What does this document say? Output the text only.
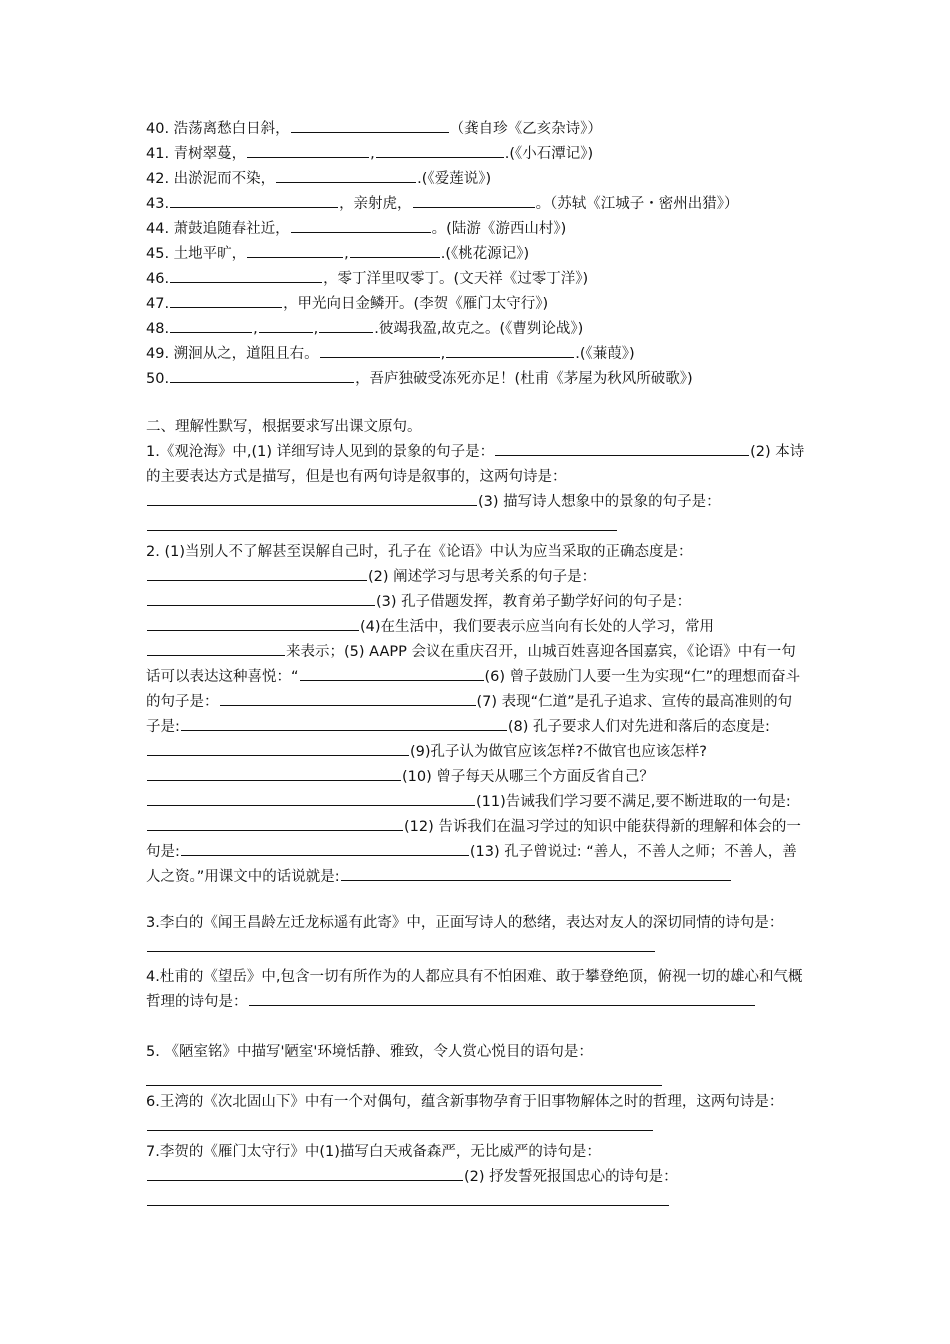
40. 浩荡离愁白日斜，	（龚自珍《乙亥杂诗》）
41. 青树翠蔓，	,	.(《小石潭记》)
42. 出淤泥而不染，	.(《爱莲说》)
43.	，亲射虎，	。（苏轼《江城子・密州出猎》）
44. 萧鼓追随春社近，	。(陆游《游西山村》)
45. 土地平旷，	,	.(《桃花源记》)
46.	，零丁洋里叹零丁。(文天祥《过零丁洋》)
47.	，甲光向日金鳞开。(李贺《雁门太守行》)
48.	,	,	.彼竭我盈,故克之。(《曹刿论战》)
49. 溯洄从之，道阻且右。	,	.(《蒹葭》)
50.	，吾庐独破受冻死亦足！(杜甫《茅屋为秋风所破歌》)
二、理解性默写，根据要求写出课文原句。
1.《观沧海》中,(1) 详细写诗人见到的景象的句子是：	(2) 本诗的主要表达方式是描写，但是也有两句诗是叙事的，这两句诗是：(3) 描写诗人想象中的景象的句子是：
2. (1)当别人不了解甚至误解自己时，孔子在《论语》中认为应当采取的正确态度是：(2) 阐述学习与思考关系的句子是：(3) 孔子借题发挥，教育弟子勤学好问的句子是：(4)在生活中，我们要表示应当向有长处的人学习，常用来表示；(5) AAPP 会议在重庆召开，山城百姓喜迎各国嘉宾，《论语》中有一句话可以表达这种喜悦：“	(6) 曾子鼓励门人要一生为实现“仁”的理想而奋斗的句子是：	(7) 表现“仁道”是孔子追求、宣传的最高准则的句子是:	(8) 孔子要求人们对先进和落后的态度是:(9)孔子认为做官应该怎样?不做官也应该怎样?(10) 曾子每天从哪三个方面反省自己？(11)告诫我们学习要不满足,要不断进取的一句是:(12) 告诉我们在温习学过的知识中能获得新的理解和体会的一句是:	(13) 孔子曾说过: “善人，不善人之师；不善人，善人之资。”用课文中的话说就是:
3.李白的《闻王昌龄左迁龙标遥有此寄》中，正面写诗人的愁绪，表达对友人的深切同情的诗句是：
4.杜甫的《望岳》中,包含一切有所作为的人都应具有不怕困难、敢于攀登绝顶，俯视一切的雄心和气概哲理的诗句是：
5. 《陋室铭》中描写'陋室'环境恬静、雅致，令人赏心悦目的语句是：
6.王湾的《次北固山下》中有一个对偶句，蕴含新事物孕育于旧事物解体之时的哲理，这两句诗是：
7.李贺的《雁门太守行》中(1)描写白天戒备森严，无比威严的诗句是：(2) 抒发誓死报国忠心的诗句是：
